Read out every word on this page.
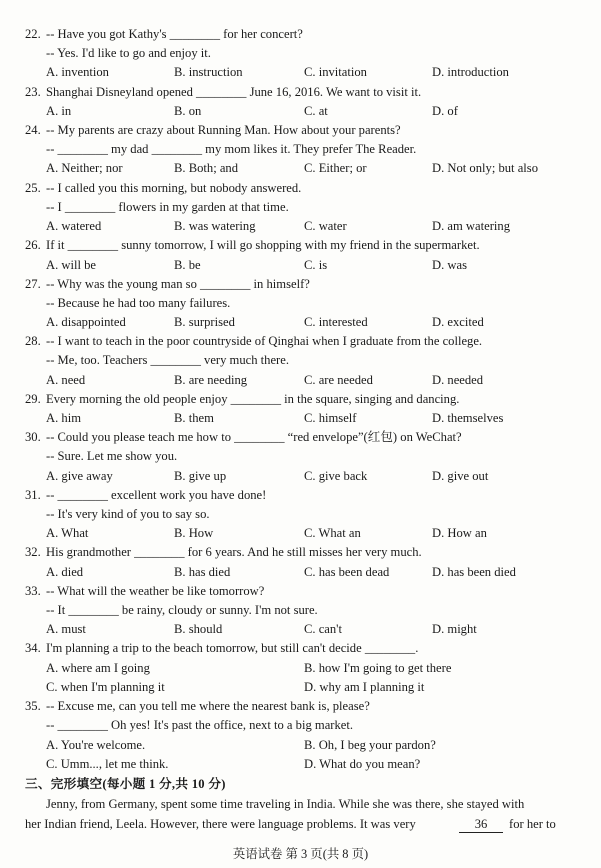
22. -- Have you got Kathy's ________ for her concert?
-- Yes. I'd like to go and enjoy it.
A. invention	B. instruction	C. invitation	D. introduction
23. Shanghai Disneyland opened ________ June 16, 2016. We want to visit it.
A. in	B. on	C. at	D. of
24. -- My parents are crazy about Running Man. How about your parents?
-- ________ my dad ________ my mom likes it. They prefer The Reader.
A. Neither; nor	B. Both; and	C. Either; or	D. Not only; but also
25. -- I called you this morning, but nobody answered.
-- I ________ flowers in my garden at that time.
A. watered	B. was watering	C. water	D. am watering
26. If it ________ sunny tomorrow, I will go shopping with my friend in the supermarket.
A. will be	B. be	C. is	D. was
27. -- Why was the young man so ________ in himself?
-- Because he had too many failures.
A. disappointed	B. surprised	C. interested	D. excited
28. -- I want to teach in the poor countryside of Qinghai when I graduate from the college.
-- Me, too. Teachers ________ very much there.
A. need	B. are needing	C. are needed	D. needed
29. Every morning the old people enjoy ________ in the square, singing and dancing.
A. him	B. them	C. himself	D. themselves
30. -- Could you please teach me how to ________ “red envelope”(红包) on WeChat?
-- Sure. Let me show you.
A. give away	B. give up	C. give back	D. give out
31. -- ________ excellent work you have done!
-- It's very kind of you to say so.
A. What	B. How	C. What an	D. How an
32. His grandmother ________ for 6 years. And he still misses her very much.
A. died	B. has died	C. has been dead	D. has been died
33. -- What will the weather be like tomorrow?
-- It ________ be rainy, cloudy or sunny. I'm not sure.
A. must	B. should	C. can't	D. might
34. I'm planning a trip to the beach tomorrow, but still can't decide ________.
A. where am I going	B. how I'm going to get there
C. when I'm planning it	D. why am I planning it
35. -- Excuse me, can you tell me where the nearest bank is, please?
-- ________ Oh yes! It's past the office, next to a big market.
A. You're welcome.	B. Oh, I beg your pardon?
C. Umm..., let me think.	D. What do you mean?
三、完形填空(每小题 1 分,共 10 分)
Jenny, from Germany, spent some time traveling in India. While she was there, she stayed with
her Indian friend, Leela. However, there were language problems. It was very	36	for her to
英语试卷 第 3 页(共 8 页)
